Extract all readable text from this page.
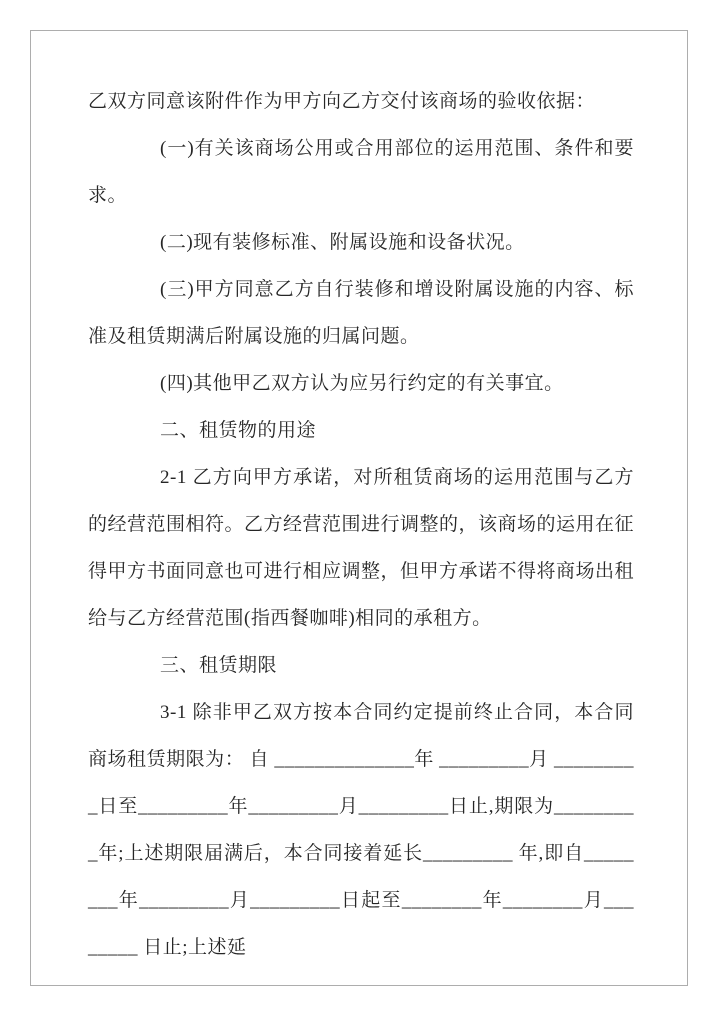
乙双方同意该附件作为甲方向乙方交付该商场的验收依据：

(一)有关该商场公用或合用部位的运用范围、条件和要求。

(二)现有装修标准、附属设施和设备状况。

(三)甲方同意乙方自行装修和增设附属设施的内容、标准及租赁期满后附属设施的归属问题。

(四)其他甲乙双方认为应另行约定的有关事宜。

二、租赁物的用途

2-1 乙方向甲方承诺，对所租赁商场的运用范围与乙方的经营范围相符。乙方经营范围进行调整的，该商场的运用在征得甲方书面同意也可进行相应调整，但甲方承诺不得将商场出租给与乙方经营范围(指西餐咖啡)相同的承租方。

三、租赁期限

3-1 除非甲乙双方按本合同约定提前终止合同，本合同商场租赁期限为： 自 ______________年 _________月 _________日至_________年_________月_________日止,期限为_________年;上述期限届满后，本合同接着延长_________ 年,即自________年_________月_________日起至________年________月________ 日止;上述延
